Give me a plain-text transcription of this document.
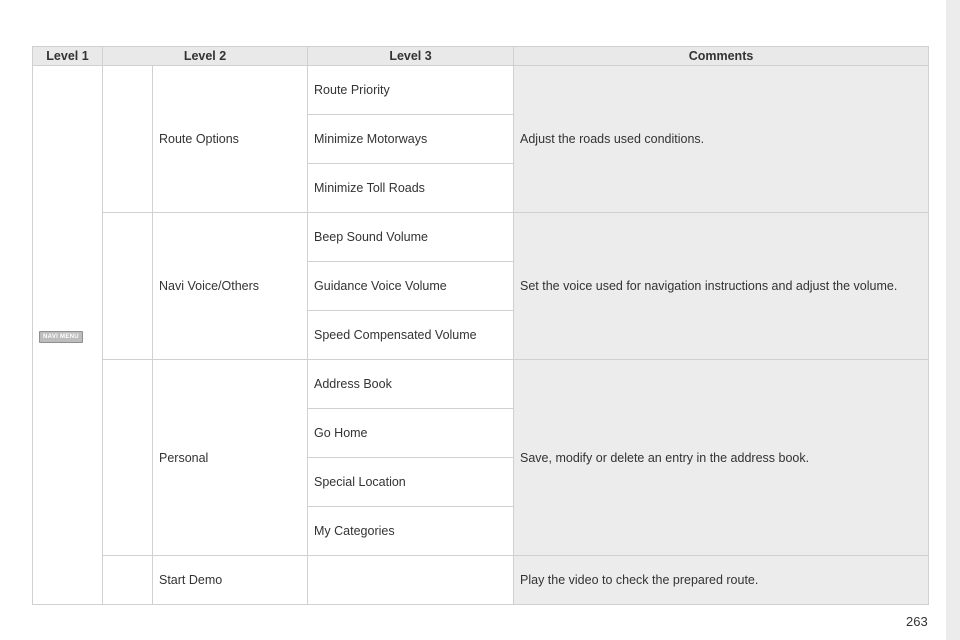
Level 1	Level 2		Level 3	Comments
NAVI MENU		Route Options	Route Priority	Adjust the roads used conditions.
			Minimize Motorways	
			Minimize Toll Roads	
		Navi Voice/Others	Beep Sound Volume	Set the voice used for navigation instructions and adjust the volume.
			Guidance Voice Volume	
			Speed Compensated Volume	
		Personal	Address Book	Save, modify or delete an entry in the address book.
			Go Home	
			Special Location	
			My Categories	
		Start Demo		Play the video to check the prepared route.
263
